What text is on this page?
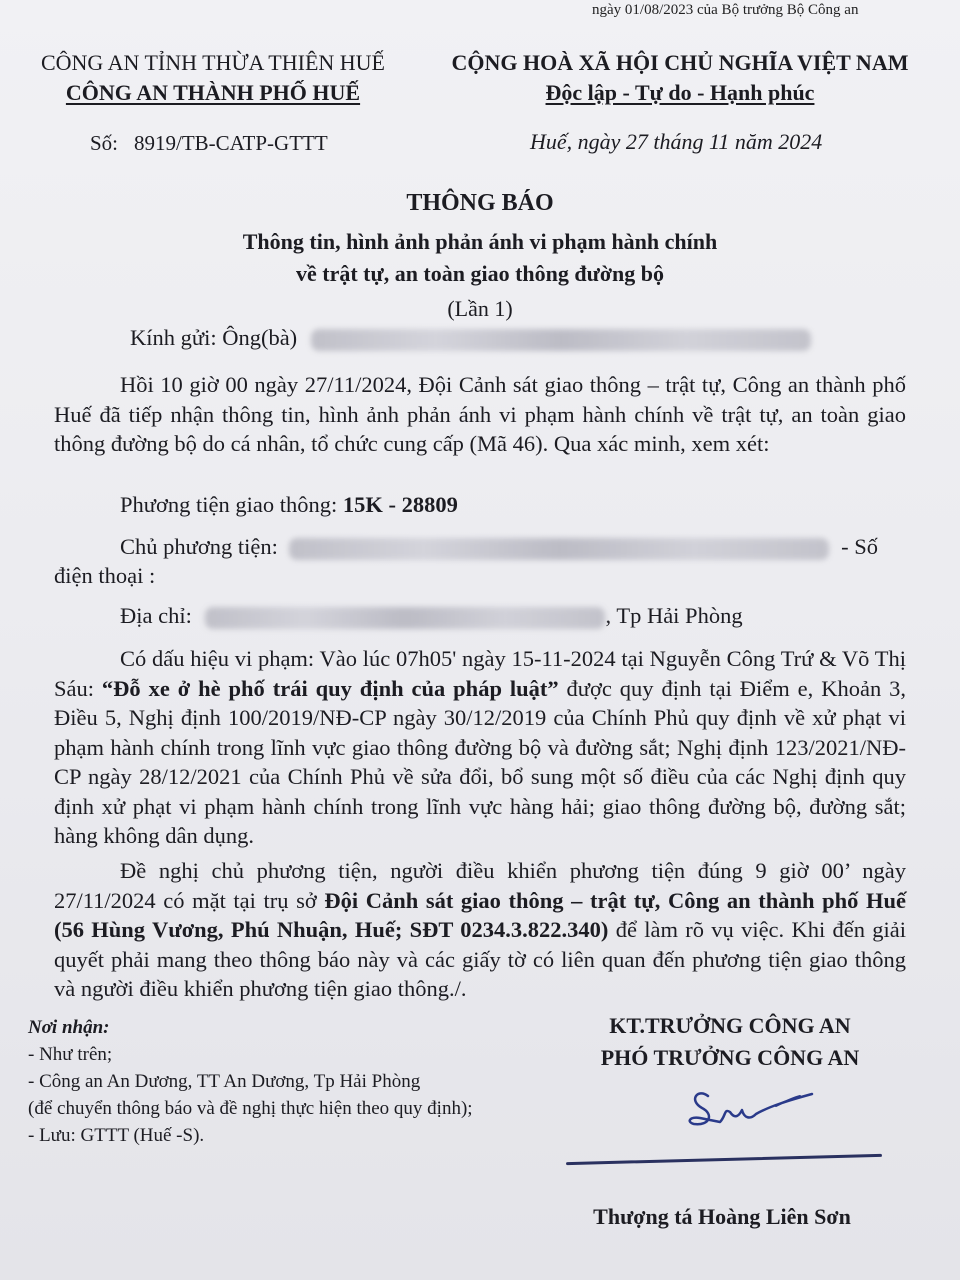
ngày 01/08/2023 của Bộ trưởng Bộ Công an
CÔNG AN TỈNH THỪA THIÊN HUẾ
CÔNG AN THÀNH PHỐ HUẾ
CỘNG HOÀ XÃ HỘI CHỦ NGHĨA VIỆT NAM
Độc lập - Tự do - Hạnh phúc
Số: 8919/TB-CATP-GTTT	Huế, ngày 27 tháng 11 năm 2024
THÔNG BÁO
Thông tin, hình ảnh phản ánh vi phạm hành chính
về trật tự, an toàn giao thông đường bộ
(Lần 1)
Kính gửi: Ông(bà)
Hồi 10 giờ 00 ngày 27/11/2024, Đội Cảnh sát giao thông – trật tự, Công an thành phố Huế đã tiếp nhận thông tin, hình ảnh phản ánh vi phạm hành chính về trật tự, an toàn giao thông đường bộ do cá nhân, tổ chức cung cấp (Mã 46). Qua xác minh, xem xét:
Phương tiện giao thông: 15K - 28809
Chủ phương tiện:	- Số
điện thoại :
Địa chỉ:	, Tp Hải Phòng
Có dấu hiệu vi phạm: Vào lúc 07h05' ngày 15-11-2024 tại Nguyễn Công Trứ & Võ Thị Sáu: “Đỗ xe ở hè phố trái quy định của pháp luật” được quy định tại Điểm e, Khoản 3, Điều 5, Nghị định 100/2019/NĐ-CP ngày 30/12/2019 của Chính Phủ quy định về xử phạt vi phạm hành chính trong lĩnh vực giao thông đường bộ và đường sắt; Nghị định 123/2021/NĐ-CP ngày 28/12/2021 của Chính Phủ về sửa đổi, bổ sung một số điều của các Nghị định quy định xử phạt vi phạm hành chính trong lĩnh vực hàng hải; giao thông đường bộ, đường sắt; hàng không dân dụng.
Đề nghị chủ phương tiện, người điều khiển phương tiện đúng 9 giờ 00’ ngày 27/11/2024 có mặt tại trụ sở Đội Cảnh sát giao thông – trật tự, Công an thành phố Huế (56 Hùng Vương, Phú Nhuận, Huế; SĐT 0234.3.822.340) để làm rõ vụ việc. Khi đến giải quyết phải mang theo thông báo này và các giấy tờ có liên quan đến phương tiện giao thông và người điều khiển phương tiện giao thông./.
Nơi nhận:
- Như trên;
- Công an An Dương, TT An Dương, Tp Hải Phòng
(để chuyển thông báo và đề nghị thực hiện theo quy định);
- Lưu: GTTT (Huế -S).
KT.TRƯỞNG CÔNG AN
PHÓ TRƯỞNG CÔNG AN
Thượng tá Hoàng Liên Sơn
